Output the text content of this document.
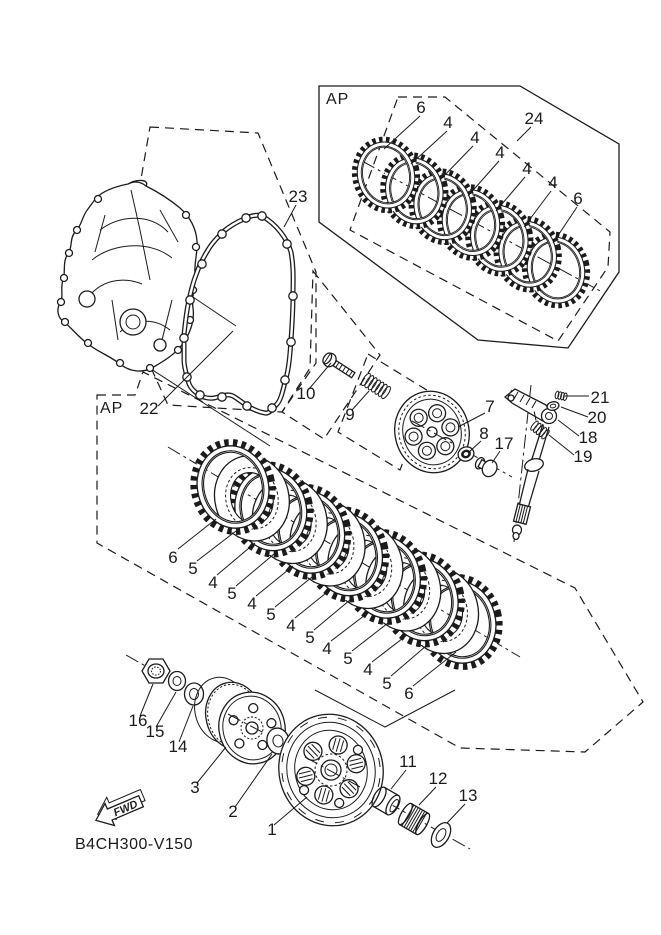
AP	6
4
4
4
4
4
6
24
23
AP 22
10
9	7
8
17
21
20
18
19
6
5
4
5
4
5
4
5
4
5
4
5
6
16
15
14
3
2
1
11
12
13
FWD
B4CH300-V150
